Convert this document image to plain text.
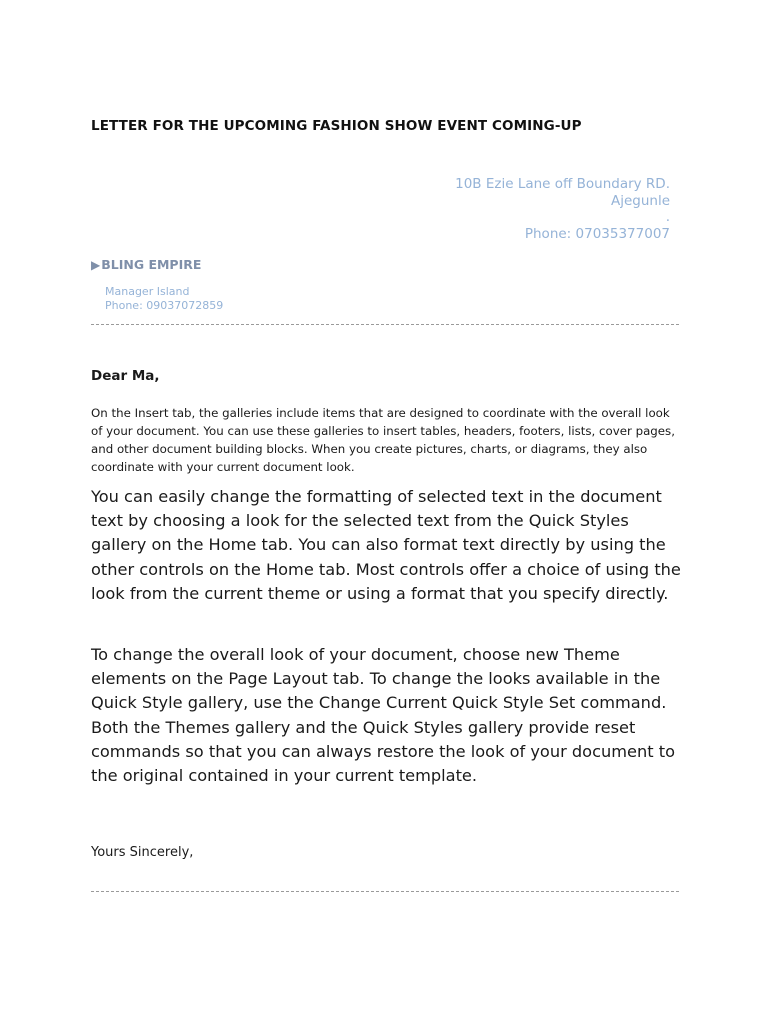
LETTER FOR THE UPCOMING FASHION SHOW EVENT COMING-UP
10B Ezie Lane off Boundary RD.
Ajegunle
.
Phone: 07035377007
▶BLING EMPIRE
Manager Island
Phone: 09037072859
Dear Ma,

On the Insert tab, the galleries include items that are designed to coordinate with the overall look of your document. You can use these galleries to insert tables, headers, footers, lists, cover pages, and other document building blocks. When you create pictures, charts, or diagrams, they also coordinate with your current document look.

You can easily change the formatting of selected text in the document text by choosing a look for the selected text from the Quick Styles gallery on the Home tab. You can also format text directly by using the other controls on the Home tab. Most controls offer a choice of using the look from the current theme or using a format that you specify directly.

To change the overall look of your document, choose new Theme elements on the Page Layout tab. To change the looks available in the Quick Style gallery, use the Change Current Quick Style Set command. Both the Themes gallery and the Quick Styles gallery provide reset commands so that you can always restore the look of your document to the original contained in your current template.

Yours Sincerely,
